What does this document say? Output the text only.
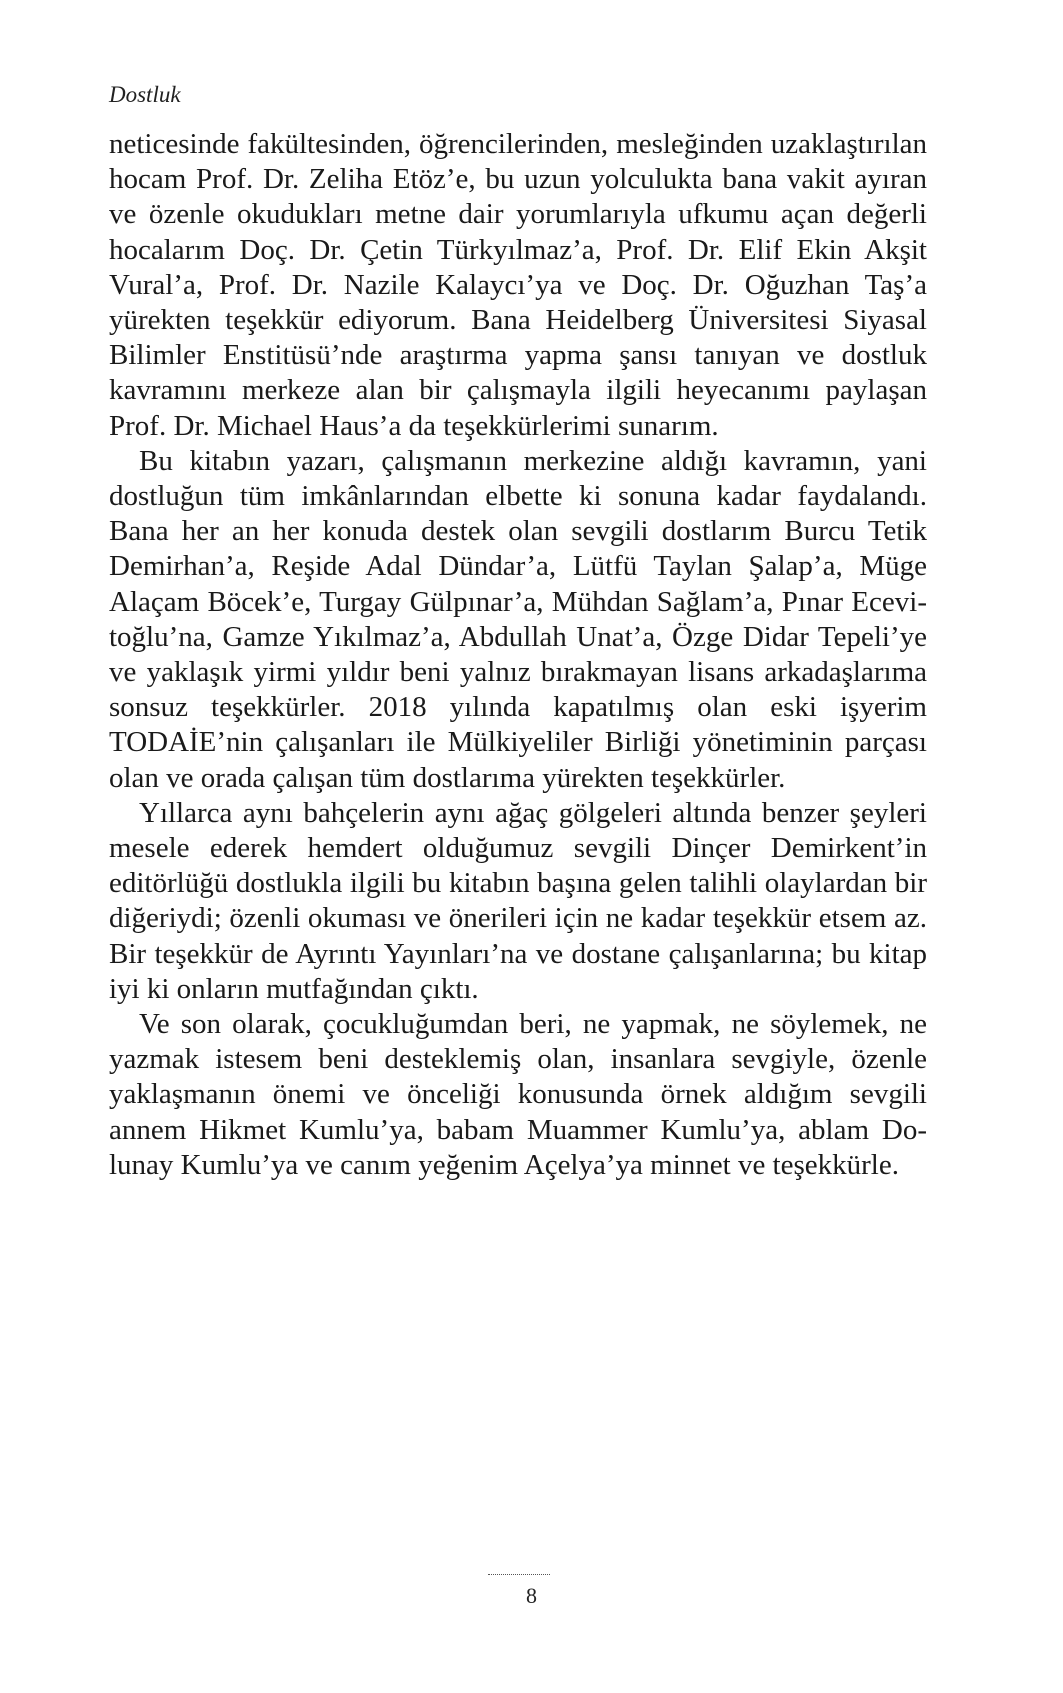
Dostluk

neticesinde fakültesinden, öğrencilerinden, mesleğinden uzaklaştırılan hocam Prof. Dr. Zeliha Etöz’e, bu uzun yolculukta bana vakit ayıran ve özenle okudukları metne dair yorumlarıyla ufkumu açan değerli hocalarım Doç. Dr. Çetin Türkyılmaz’a, Prof. Dr. Elif Ekin Akşit Vural’a, Prof. Dr. Nazile Kalaycı’ya ve Doç. Dr. Oğuzhan Taş’a yürekten teşekkür ediyorum. Bana Heidelberg Üniversitesi Siyasal Bilimler Enstitüsü’nde araştırma yapma şansı tanıyan ve dostluk kavramını merkeze alan bir çalışmayla ilgili heyecanımı paylaşan Prof. Dr. Michael Haus’a da teşekkürlerimi sunarım.

Bu kitabın yazarı, çalışmanın merkezine aldığı kavramın, yani dostluğun tüm imkânlarından elbette ki sonuna kadar faydalandı. Bana her an her konuda destek olan sevgili dostlarım Burcu Tetik Demirhan’a, Reşide Adal Dündar’a, Lütfü Taylan Şalap’a, Müge Alaçam Böcek’e, Turgay Gülpınar’a, Mühdan Sağlam’a, Pınar Ecevitoğlu’na, Gamze Yıkılmaz’a, Abdullah Unat’a, Özge Didar Tepeli’ye ve yaklaşık yirmi yıldır beni yalnız bırakmayan lisans arkadaşlarıma sonsuz teşekkürler. 2018 yılında kapatılmış olan eski işyerim TODAİE’nin çalışanları ile Mülkiyeliler Birliği yönetiminin parçası olan ve orada çalışan tüm dostlarıma yürekten teşekkürler.

Yıllarca aynı bahçelerin aynı ağaç gölgeleri altında benzer şeyleri mesele ederek hemdert olduğumuz sevgili Dinçer Demirkent’in editörlüğü dostlukla ilgili bu kitabın başına gelen talihli olaylardan bir diğeriydi; özenli okuması ve önerileri için ne kadar teşekkür etsem az. Bir teşekkür de Ayrıntı Yayınları’na ve dostane çalışanlarına; bu kitap iyi ki onların mutfağından çıktı.

Ve son olarak, çocukluğumdan beri, ne yapmak, ne söylemek, ne yazmak istesem beni desteklemiş olan, insanlara sevgiyle, özenle yaklaşmanın önemi ve önceliği konusunda örnek aldığım sevgili annem Hikmet Kumlu’ya, babam Muammer Kumlu’ya, ablam Dolunay Kumlu’ya ve canım yeğenim Açelya’ya minnet ve teşekkürle.

8
